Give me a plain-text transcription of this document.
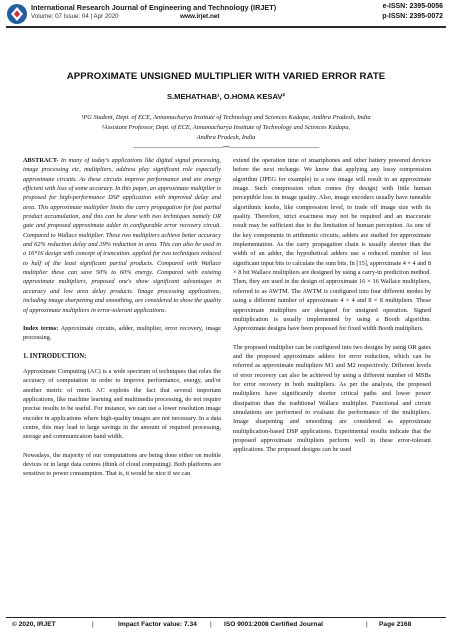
International Research Journal of Engineering and Technology (IRJET)	e-ISSN: 2395-0056
Volume: 07 Issue: 04 | Apr 2020	www.irjet.net	p-ISSN: 2395-0072
APPROXIMATE UNSIGNED MULTIPLIER WITH VARIED ERROR RATE
S.MEHATHAB¹, O.HOMA KESAV²
¹PG Student, Dept. of ECE, Annamacharya Institute of Technology and Sciences Kadapa, Andhra Pradesh, India
²Assistant Professor, Dept. of ECE, Annamacharya Institute of Technology and Sciences Kadapa,
Andhra Pradesh, India
-----------------------------------------------------------------------***-----------------------------------------------------------------------

ABSTRACT- In many of today's applications like digital signal processing, image processing etc, multipliers, address play significant role especially approximate circuits. As these circuits improve performance and are energy efficient with loss of some accuracy. In this paper, an approximate multiplier is proposed for high-performance DSP application with improved delay and area. This approximate multiplier limits the carry propagation for fast partial product accumulation, and this can be done with two techniques namely OR gate and proposed approximate adder in configurable error recovery circuit. Compared to Wallace multiplier. These two multipliers achieve better accuracy and 62% reduction delay and 39% reduction in area. This can also be used in a 16*16 design with concept of truncation. applied for two techniques reduced to half of the least significant partial products. Compared with Wallace multiplier these can save 50% to 60% energy. Compared with existing approximate multipliers, proposed one's show significant advantages in accuracy and low area delay products. Image processing applications, including image sharpening and smoothing, are considered to show the quality of approximate multipliers in error-tolerant applications.

Index terms: Approximate circuits, adder, multiplier, error recovery, image processing.

1. INTRODUCTION:

Approximate Computing (AC) is a wide spectrum of techniques that relax the accuracy of computation in order to improve performance, energy, and/or another metric of merit. AC exploits the fact that several important applications, like machine learning and multimedia processing, do not require precise results to be useful. For instance, we can use a lower resolution image encoder in applications where high-quality images are not necessary. In a data centre, this may lead to large savings in the amount of required processing, storage and communication band width.

Nowadays, the majority of our computations are being done either on mobile devices or in large data centres (think of cloud computing). Both platforms are sensitive to power consumption. That is, it would be nice if we can

extend the operation time of smartphones and other battery powered devices before the next recharge. We know that applying any lossy compression algorithm (JPEG for example) to a raw image will result in an approximate image. Such compression often comes (by design) with little human perceptible loss in image quality. Also, image encoders usually have tuneable algorithmic knobs, like compression level, to trade off image size with its quality. Therefore, strict exactness may not be required and an inaccurate result may be sufficient due to the limitation of human perception. As one of the key components in arithmetic circuits, adders are studied for approximate implementation. As the carry propagation chain is usually shorter than the width of an adder, the hypothetical adders use a reduced number of less significant input bits to calculate the sum bits. In [15], approximate 4 × 4 and 8 × 8 bit Wallace multipliers are designed by using a carry-in prediction method. Then, they are used in the design of approximate 16 × 16 Wallace multipliers, referred to as AWTM. The AWTM is configured into four different modes by using a different number of approximate 4 × 4 and 8 × 8 multipliers. These approximate multipliers are designed for unsigned operation. Signed multiplication is usually implemented by using a Booth algorithm. Approximate designs have been proposed for fixed width Booth multipliers.

The proposed multiplier can be configured into two designs by using OR gates and the proposed approximate adders for error reduction, which can be referred as approximate multipliers M1 and M2 respectively. Different levels of error recovery can also be achieved by using a different number of MSBs for error recovery in both multipliers. As per the analysis, the proposed multipliers have significantly shorter critical paths and lower power dissipation than the traditional Wallace multiplier. Functional and circuit simulations are performed to evaluate the performance of the multipliers. Image sharpening and smoothing are considered as approximate multiplication-based DSP applications. Experimental results indicate that the proposed approximate multipliers perform well in these error-tolerant applications. The proposed designs can be used

© 2020, IRJET	|	Impact Factor value: 7.34 | ISO 9001:2008 Certified Journal	| Page 2168
